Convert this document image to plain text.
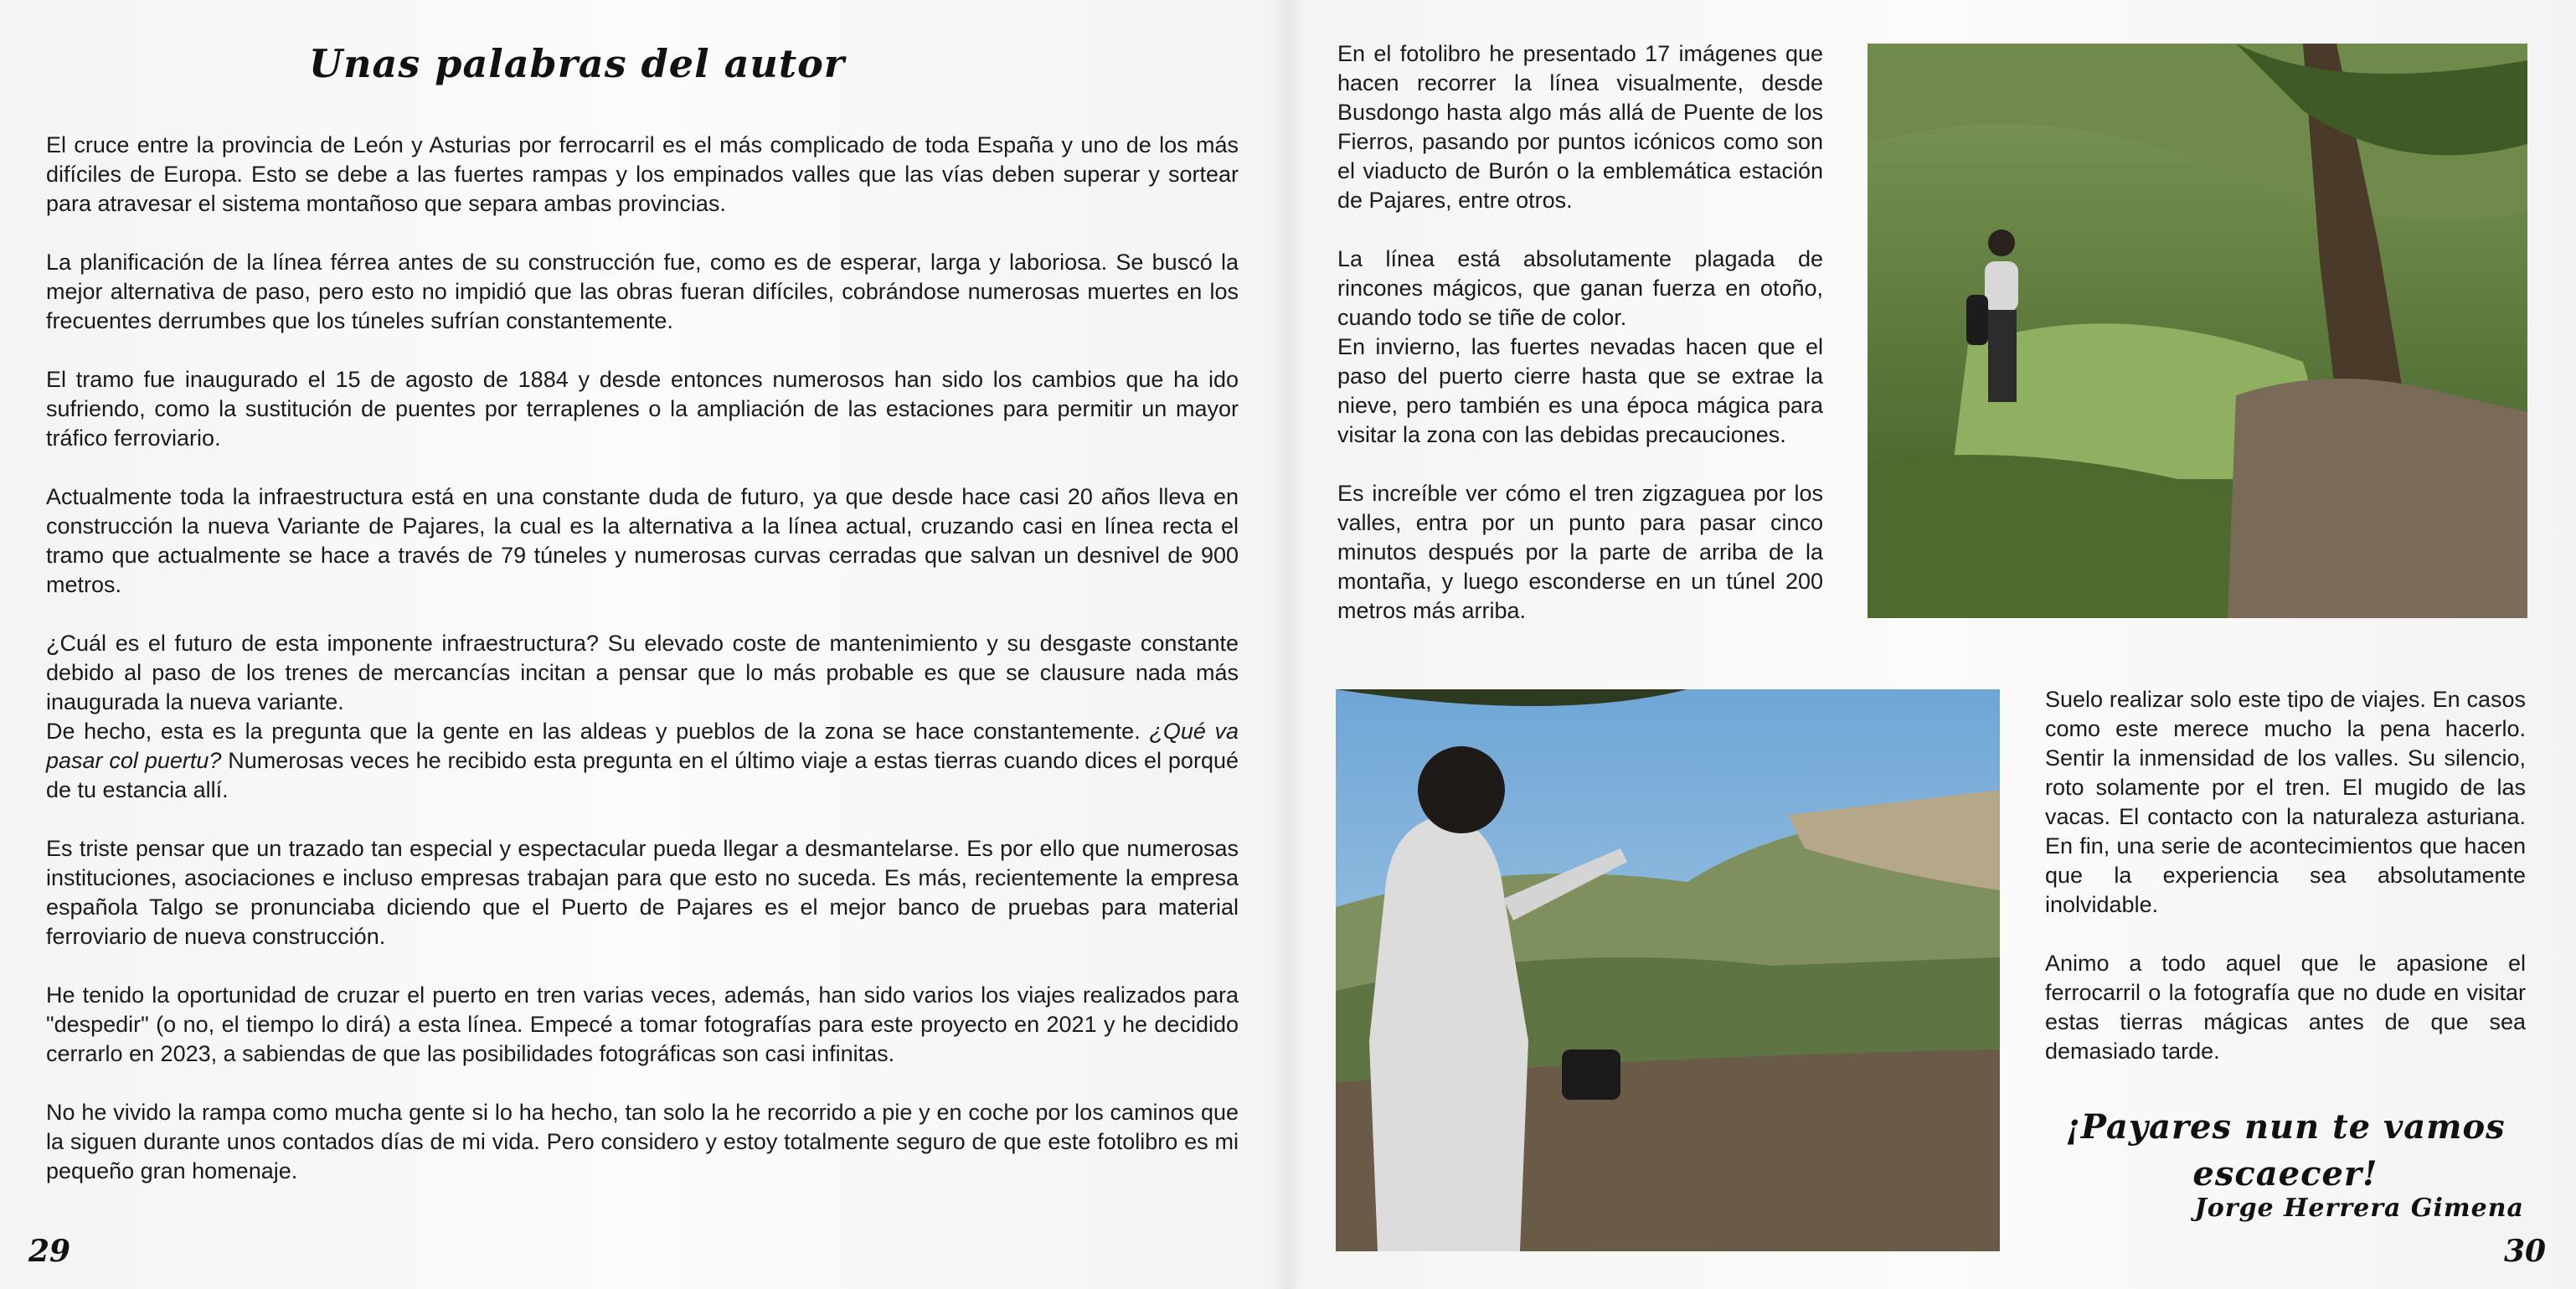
Unas palabras del autor

El cruce entre la provincia de León y Asturias por ferrocarril es el más complicado de toda España y uno de los más difíciles de Europa. Esto se debe a las fuertes rampas y los empinados valles que las vías deben superar y sortear para atravesar el sistema montañoso que separa ambas provincias.

La planificación de la línea férrea antes de su construcción fue, como es de esperar, larga y laboriosa. Se buscó la mejor alternativa de paso, pero esto no impidió que las obras fueran difíciles, cobrándose numerosas muertes en los frecuentes derrumbes que los túneles sufrían constantemente.

El tramo fue inaugurado el 15 de agosto de 1884 y desde entonces numerosos han sido los cambios que ha ido sufriendo, como la sustitución de puentes por terraplenes o la ampliación de las estaciones para permitir un mayor tráfico ferroviario.

Actualmente toda la infraestructura está en una constante duda de futuro, ya que desde hace casi 20 años lleva en construcción la nueva Variante de Pajares, la cual es la alternativa a la línea actual, cruzando casi en línea recta el tramo que actualmente se hace a través de 79 túneles y numerosas curvas cerradas que salvan un desnivel de 900 metros.

¿Cuál es el futuro de esta imponente infraestructura? Su elevado coste de mantenimiento y su desgaste constante debido al paso de los trenes de mercancías incitan a pensar que lo más probable es que se clausure nada más inaugurada la nueva variante.

De hecho, esta es la pregunta que la gente en las aldeas y pueblos de la zona se hace constantemente. ¿Qué va pasar col puertu? Numerosas veces he recibido esta pregunta en el último viaje a estas tierras cuando dices el porqué de tu estancia allí.

Es triste pensar que un trazado tan especial y espectacular pueda llegar a desmantelarse. Es por ello que numerosas instituciones, asociaciones e incluso empresas trabajan para que esto no suceda. Es más, recientemente la empresa española Talgo se pronunciaba diciendo que el Puerto de Pajares es el mejor banco de pruebas para material ferroviario de nueva construcción.

He tenido la oportunidad de cruzar el puerto en tren varias veces, además, han sido varios los viajes realizados para "despedir" (o no, el tiempo lo dirá) a esta línea. Empecé a tomar fotografías para este proyecto en 2021 y he decidido cerrarlo en 2023, a sabiendas de que las posibilidades fotográficas son casi infinitas.

No he vivido la rampa como mucha gente si lo ha hecho, tan solo la he recorrido a pie y en coche por los caminos que la siguen durante unos contados días de mi vida. Pero considero y estoy totalmente seguro de que este fotolibro es mi pequeño gran homenaje.

29

En el fotolibro he presentado 17 imágenes que hacen recorrer la línea visualmente, desde Busdongo hasta algo más allá de Puente de los Fierros, pasando por puntos icónicos como son el viaducto de Burón o la emblemática estación de Pajares, entre otros.

La línea está absolutamente plagada de rincones mágicos, que ganan fuerza en otoño, cuando todo se tiñe de color.

En invierno, las fuertes nevadas hacen que el paso del puerto cierre hasta que se extrae la nieve, pero también es una época mágica para visitar la zona con las debidas precauciones.

Es increíble ver cómo el tren zigzaguea por los valles, entra por un punto para pasar cinco minutos después por la parte de arriba de la montaña, y luego esconderse en un túnel 200 metros más arriba.

Suelo realizar solo este tipo de viajes. En casos como este merece mucho la pena hacerlo. Sentir la inmensidad de los valles. Su silencio, roto solamente por el tren. El mugido de las vacas. El contacto con la naturaleza asturiana. En fin, una serie de acontecimientos que hacen que la experiencia sea absolutamente inolvidable.

Animo a todo aquel que le apasione el ferrocarril o la fotografía que no dude en visitar estas tierras mágicas antes de que sea demasiado tarde.

¡Payares nun te vamos escaecer!
Jorge Herrera Gimena
30
